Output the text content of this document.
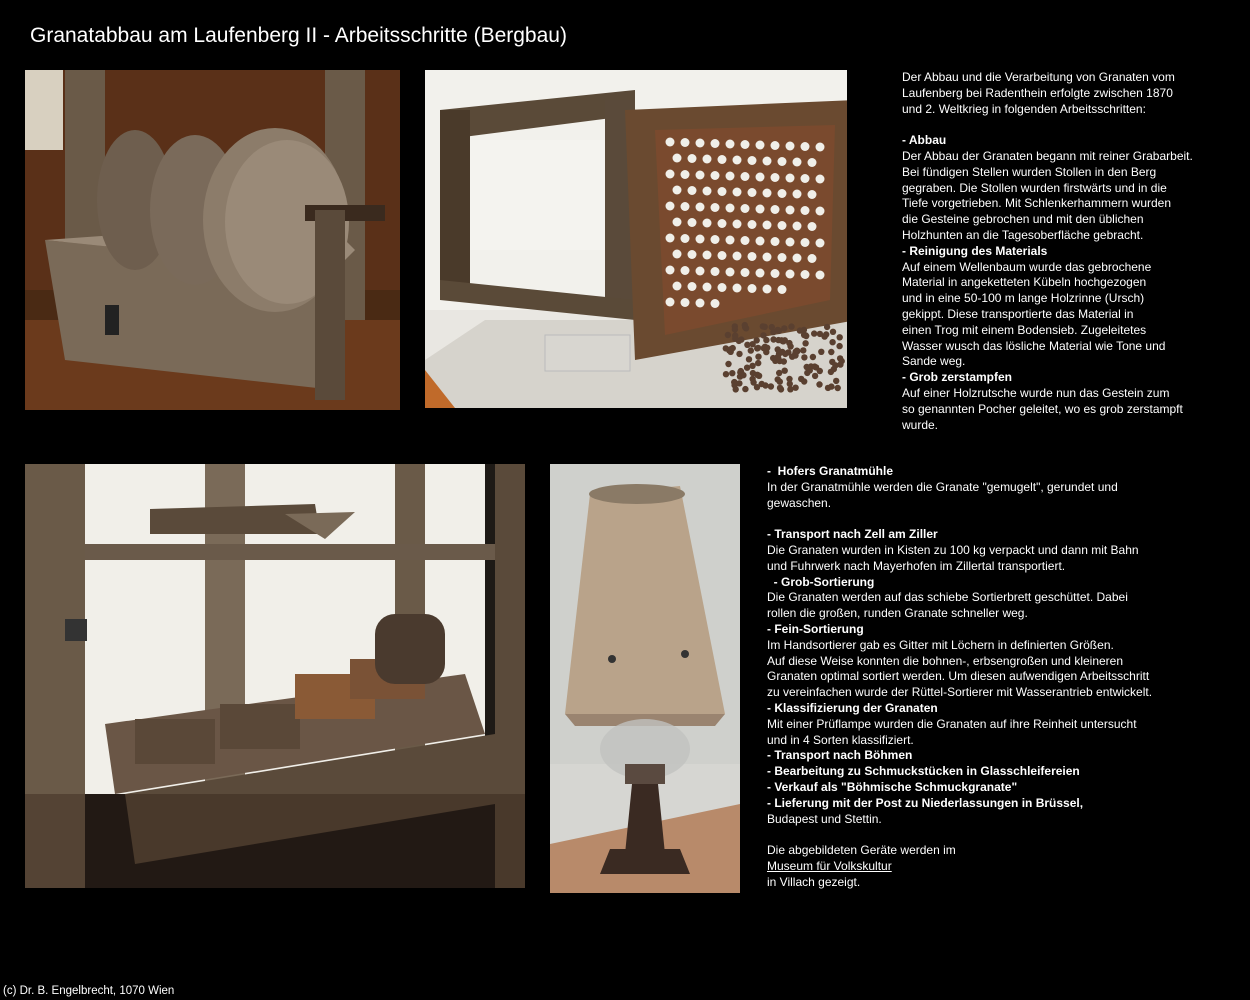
Granatabbau am Laufenberg II - Arbeitsschritte (Bergbau)
Der Abbau und die Verarbeitung von Granaten vom
Laufenberg bei Radenthein erfolgte zwischen 1870
und 2. Weltkrieg in folgenden Arbeitsschritten:
- Abbau
Der Abbau der Granaten begann mit reiner Grabarbeit.
Bei fündigen Stellen wurden Stollen in den Berg
gegraben. Die Stollen wurden firstwärts und in die
Tiefe vorgetrieben. Mit Schlenkerhammern wurden
die Gesteine gebrochen und mit den üblichen
Holzhunten an die Tagesoberfläche gebracht.
- Reinigung des Materials
Auf einem Wellenbaum wurde das gebrochene
Material in angeketteten Kübeln hochgezogen
und in eine 50-100 m lange Holzrinne (Ursch)
gekippt. Diese transportierte das Material in
einen Trog mit einem Bodensieb. Zugeleitetes
Wasser wusch das lösliche Material wie Tone und
Sande weg.
- Grob zerstampfen
Auf einer Holzrutsche wurde nun das Gestein zum
so genannten Pocher geleitet, wo es grob zerstampft
wurde.
-  Hofers Granatmühle
In der Granatmühle werden die Granate "gemugelt", gerundet und
gewaschen.
- Transport nach Zell am Ziller
Die Granaten wurden in Kisten zu 100 kg verpackt und dann mit Bahn
und Fuhrwerk nach Mayerhofen im Zillertal transportiert.
- Grob-Sortierung
Die Granaten werden auf das schiebe Sortierbrett geschüttet. Dabei
rollen die großen, runden Granate schneller weg.
- Fein-Sortierung
Im Handsortierer gab es Gitter mit Löchern in definierten Größen.
Auf diese Weise konnten die bohnen-, erbsengroßen und kleineren
Granaten optimal sortiert werden. Um diesen aufwendigen Arbeitsschritt
zu vereinfachen wurde der Rüttel-Sortierer mit Wasserantrieb entwickelt.
- Klassifizierung der Granaten
Mit einer Prüflampe wurden die Granaten auf ihre Reinheit untersucht
und in 4 Sorten klassifiziert.
- Transport nach Böhmen
- Bearbeitung zu Schmuckstücken in Glasschleifereien
- Verkauf als "Böhmische Schmuckgranate"
- Lieferung mit der Post zu Niederlassungen in Brüssel,
Budapest und Stettin.
Die abgebildeten Geräte werden im
Museum für Volkskultur
in Villach gezeigt.
(c) Dr. B. Engelbrecht, 1070 Wien
